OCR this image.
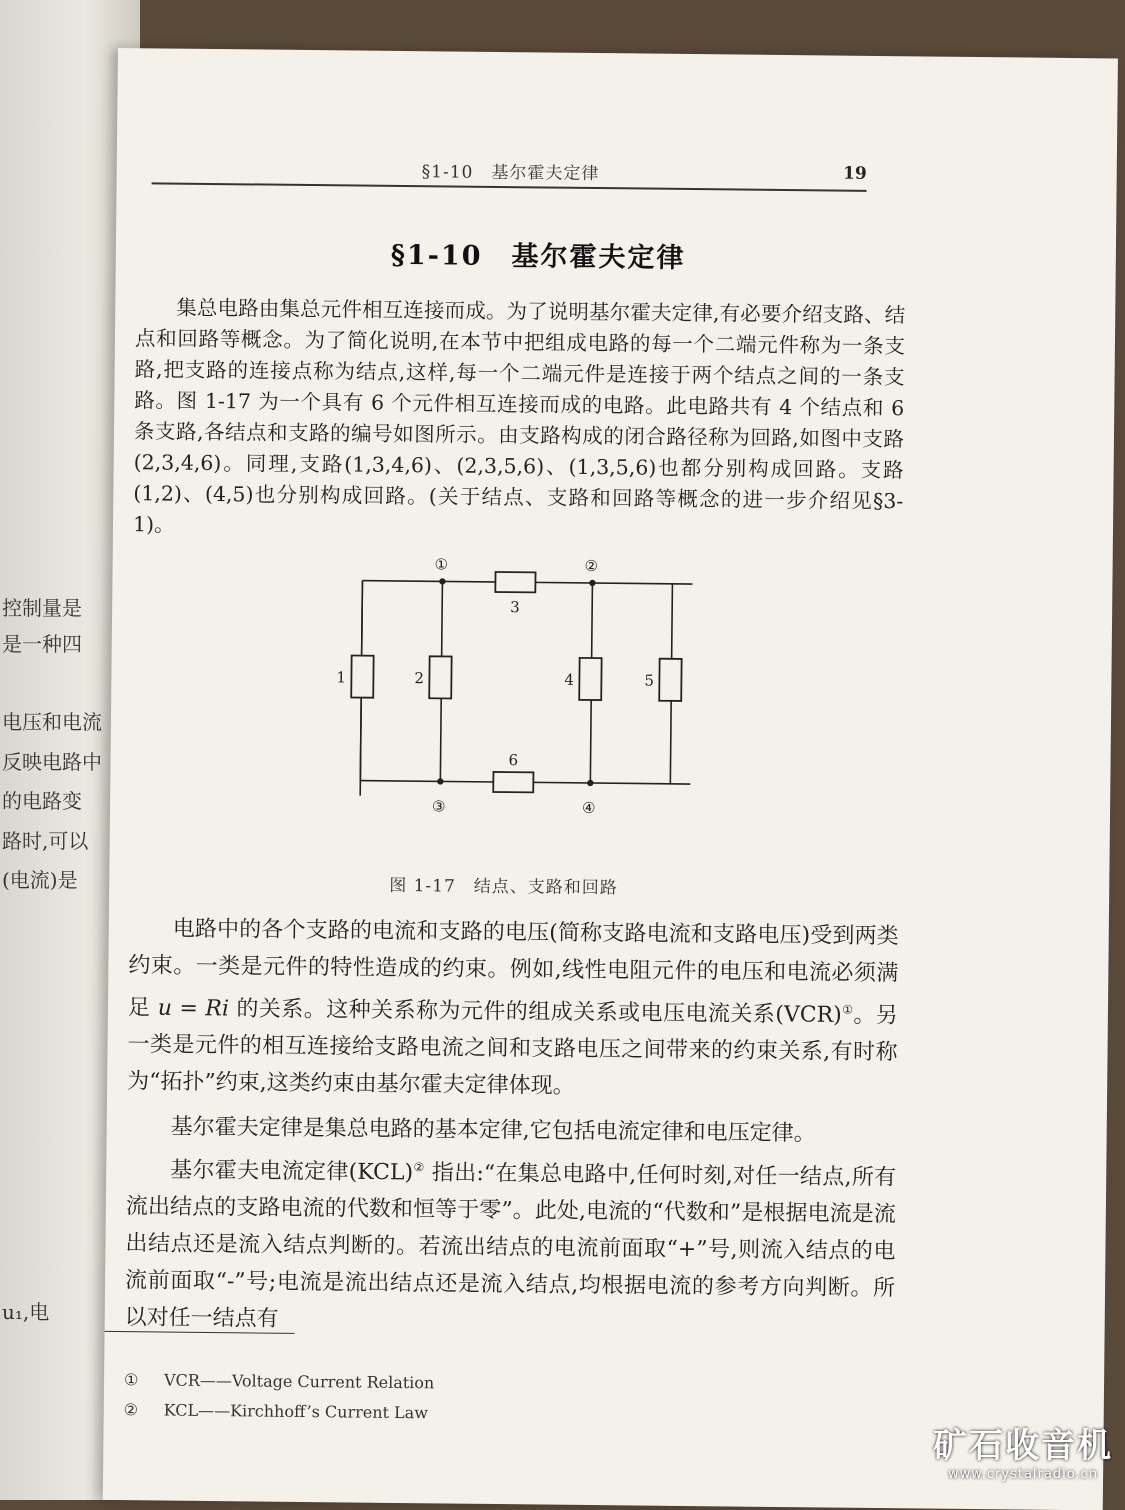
控制量是
是一种四
电压和电流
反映电路中
的电路变
路时,可以
(电流)是
u₁,电
§1-10　基尔霍夫定律	19
§1-10　基尔霍夫定律

集总电路由集总元件相互连接而成。为了说明基尔霍夫定律,有必要介绍支路、结点和回路等概念。为了简化说明,在本节中把组成电路的每一个二端元件称为一条支路,把支路的连接点称为结点,这样,每一个二端元件是连接于两个结点之间的一条支路。图 1-17 为一个具有 6 个元件相互连接而成的电路。此电路共有 4 个结点和 6 条支路,各结点和支路的编号如图所示。由支路构成的闭合路径称为回路,如图中支路(2,3,4,6)。同理,支路(1,3,4,6)、(2,3,5,6)、(1,3,5,6)也都分别构成回路。支路(1,2)、(4,5)也分别构成回路。(关于结点、支路和回路等概念的进一步介绍见§3-1)。

①	②
③	④
1	2
3
4	5
6
图 1-17　结点、支路和回路

电路中的各个支路的电流和支路的电压(简称支路电流和支路电压)受到两类约束。一类是元件的特性造成的约束。例如,线性电阻元件的电压和电流必须满足 u = Ri 的关系。这种关系称为元件的组成关系或电压电流关系(VCR)①。另一类是元件的相互连接给支路电流之间和支路电压之间带来的约束关系,有时称为“拓扑”约束,这类约束由基尔霍夫定律体现。

基尔霍夫定律是集总电路的基本定律,它包括电流定律和电压定律。

基尔霍夫电流定律(KCL)② 指出:“在集总电路中,任何时刻,对任一结点,所有流出结点的支路电流的代数和恒等于零”。此处,电流的“代数和”是根据电流是流出结点还是流入结点判断的。若流出结点的电流前面取“+”号,则流入结点的电流前面取“-”号;电流是流出结点还是流入结点,均根据电流的参考方向判断。所以对任一结点有

① VCR——Voltage Current Relation
② KCL——Kirchhoff’s Current Law
矿石收音机
www.crystalradio.cn
